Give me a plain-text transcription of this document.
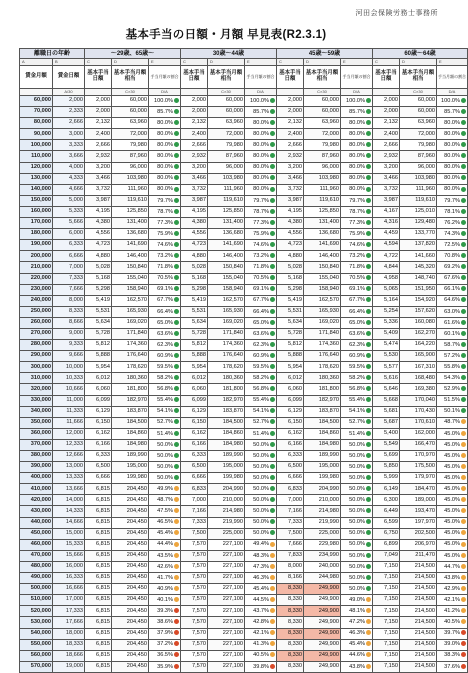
河田会保険労務士事務所
基本手当の日額・月額 早見表(R2.3.1)
離職日の年齢		～29歳、65歳～			30歳～44歳			45歳～59歳			60歳～64歳		
A	B	C	D	E	C	D	E	C	D	E	C	D	E
賃金月額	賃金日額	基本手当日額	基本手当月額相当	手当月額の割合	基本手当日額	基本手当月額相当	手当月額の割合	基本手当日額	基本手当月額相当	手当月額の割合	基本手当日額	基本手当月額相当	手当月額の割合
	A/30		C×30	D/A		C×30	D/A		C×30	D/A		C×30	D/A
60,000	2,000	2,000	60,000	100.0%	2,000	60,000	100.0%	2,000	60,000	100.0%	2,000	60,000	100.0%
70,000	2,333	2,000	60,000	85.7%	2,000	60,000	85.7%	2,000	60,000	85.7%	2,000	60,000	85.7%
80,000	2,666	2,132	63,960	80.0%	2,132	63,960	80.0%	2,132	63,960	80.0%	2,132	63,960	80.0%
90,000	3,000	2,400	72,000	80.0%	2,400	72,000	80.0%	2,400	72,000	80.0%	2,400	72,000	80.0%
100,000	3,333	2,666	79,980	80.0%	2,666	79,980	80.0%	2,666	79,980	80.0%	2,666	79,980	80.0%
110,000	3,666	2,932	87,960	80.0%	2,932	87,960	80.0%	2,932	87,960	80.0%	2,932	87,960	80.0%
120,000	4,000	3,200	96,000	80.0%	3,200	96,000	80.0%	3,200	96,000	80.0%	3,200	96,000	80.0%
130,000	4,333	3,466	103,980	80.0%	3,466	103,980	80.0%	3,466	103,980	80.0%	3,466	103,980	80.0%
140,000	4,666	3,732	111,960	80.0%	3,732	111,960	80.0%	3,732	111,960	80.0%	3,732	111,960	80.0%
150,000	5,000	3,987	119,610	79.7%	3,987	119,610	79.7%	3,987	119,610	79.7%	3,987	119,610	79.7%
160,000	5,333	4,195	125,850	78.7%	4,195	125,850	78.7%	4,195	125,850	78.7%	4,167	125,010	78.1%
170,000	5,666	4,380	131,400	77.3%	4,380	131,400	77.3%	4,380	131,400	77.3%	4,316	129,480	76.2%
180,000	6,000	4,556	136,680	75.9%	4,556	136,680	75.9%	4,556	136,680	75.9%	4,459	133,770	74.3%
190,000	6,333	4,723	141,690	74.6%	4,723	141,690	74.6%	4,723	141,690	74.6%	4,594	137,820	72.5%
200,000	6,666	4,880	146,400	73.2%	4,880	146,400	73.2%	4,880	146,400	73.2%	4,722	141,660	70.8%
210,000	7,000	5,028	150,840	71.8%	5,028	150,840	71.8%	5,028	150,840	71.8%	4,844	145,320	69.2%
220,000	7,333	5,168	155,040	70.5%	5,168	155,040	70.5%	5,168	155,040	70.5%	4,958	148,740	67.6%
230,000	7,666	5,298	158,940	69.1%	5,298	158,940	69.1%	5,298	158,940	69.1%	5,065	151,950	66.1%
240,000	8,000	5,419	162,570	67.7%	5,419	162,570	67.7%	5,419	162,570	67.7%	5,164	154,920	64.6%
250,000	8,333	5,531	165,930	66.4%	5,531	165,930	66.4%	5,531	165,930	66.4%	5,254	157,620	63.0%
260,000	8,666	5,634	169,020	65.0%	5,634	169,020	65.0%	5,634	169,020	65.0%	5,336	160,080	61.6%
270,000	9,000	5,728	171,840	63.6%	5,728	171,840	63.6%	5,728	171,840	63.6%	5,409	162,270	60.1%
280,000	9,333	5,812	174,360	62.3%	5,812	174,360	62.3%	5,812	174,360	62.3%	5,474	164,220	58.7%
290,000	9,666	5,888	176,640	60.9%	5,888	176,640	60.9%	5,888	176,640	60.9%	5,530	165,900	57.2%
300,000	10,000	5,954	178,620	59.5%	5,954	178,620	59.5%	5,954	178,620	59.5%	5,577	167,310	55.8%
310,000	10,333	6,012	180,360	58.2%	6,012	180,360	58.2%	6,012	180,360	58.2%	5,616	168,480	54.3%
320,000	10,666	6,060	181,800	56.8%	6,060	181,800	56.8%	6,060	181,800	56.8%	5,646	169,380	52.9%
330,000	11,000	6,099	182,970	55.4%	6,099	182,970	55.4%	6,099	182,970	55.4%	5,668	170,040	51.5%
340,000	11,333	6,129	183,870	54.1%	6,129	183,870	54.1%	6,129	183,870	54.1%	5,681	170,430	50.1%
350,000	11,666	6,150	184,500	52.7%	6,150	184,500	52.7%	6,150	184,500	52.7%	5,687	170,610	48.7%
360,000	12,000	6,162	184,860	51.4%	6,162	184,860	51.4%	6,162	184,860	51.4%	5,400	162,000	45.0%
370,000	12,333	6,166	184,980	50.0%	6,166	184,980	50.0%	6,166	184,980	50.0%	5,549	166,470	45.0%
380,000	12,666	6,333	189,990	50.0%	6,333	189,990	50.0%	6,333	189,990	50.0%	5,699	170,970	45.0%
390,000	13,000	6,500	195,000	50.0%	6,500	195,000	50.0%	6,500	195,000	50.0%	5,850	175,500	45.0%
400,000	13,333	6,666	199,980	50.0%	6,666	199,980	50.0%	6,666	199,980	50.0%	5,999	179,970	45.0%
410,000	13,666	6,815	204,450	49.9%	6,833	204,990	50.0%	6,833	204,990	50.0%	6,149	184,470	45.0%
420,000	14,000	6,815	204,450	48.7%	7,000	210,000	50.0%	7,000	210,000	50.0%	6,300	189,000	45.0%
430,000	14,333	6,815	204,450	47.5%	7,166	214,980	50.0%	7,166	214,980	50.0%	6,449	193,470	45.0%
440,000	14,666	6,815	204,450	46.5%	7,333	219,990	50.0%	7,333	219,990	50.0%	6,599	197,970	45.0%
450,000	15,000	6,815	204,450	45.4%	7,500	225,000	50.0%	7,500	225,000	50.0%	6,750	202,500	45.0%
460,000	15,333	6,815	204,450	44.4%	7,570	227,100	49.4%	7,666	229,980	50.0%	6,899	206,970	45.0%
470,000	15,666	6,815	204,450	43.5%	7,570	227,100	48.3%	7,833	234,990	50.0%	7,049	211,470	45.0%
480,000	16,000	6,815	204,450	42.6%	7,570	227,100	47.3%	8,000	240,000	50.0%	7,150	214,500	44.7%
490,000	16,333	6,815	204,450	41.7%	7,570	227,100	46.3%	8,166	244,980	50.0%	7,150	214,500	43.8%
500,000	16,666	6,815	204,450	40.9%	7,570	227,100	45.4%	8,330	249,900	50.0%	7,150	214,500	42.9%
510,000	17,000	6,815	204,450	40.1%	7,570	227,100	44.5%	8,330	249,900	49.0%	7,150	214,500	42.1%
520,000	17,333	6,815	204,450	39.3%	7,570	227,100	43.7%	8,330	249,900	48.1%	7,150	214,500	41.2%
530,000	17,666	6,815	204,450	38.6%	7,570	227,100	42.8%	8,330	249,900	47.2%	7,150	214,500	40.5%
540,000	18,000	6,815	204,450	37.9%	7,570	227,100	42.1%	8,330	249,900	46.3%	7,150	214,500	39.7%
550,000	18,333	6,815	204,450	37.2%	7,570	227,100	41.3%	8,330	249,900	45.4%	7,150	214,500	39.0%
560,000	18,666	6,815	204,450	36.5%	7,570	227,100	40.5%	8,330	249,900	44.6%	7,150	214,500	38.3%
570,000	19,000	6,815	204,450	35.9%	7,570	227,100	39.8%	8,330	249,900	43.8%	7,150	214,500	37.6%
